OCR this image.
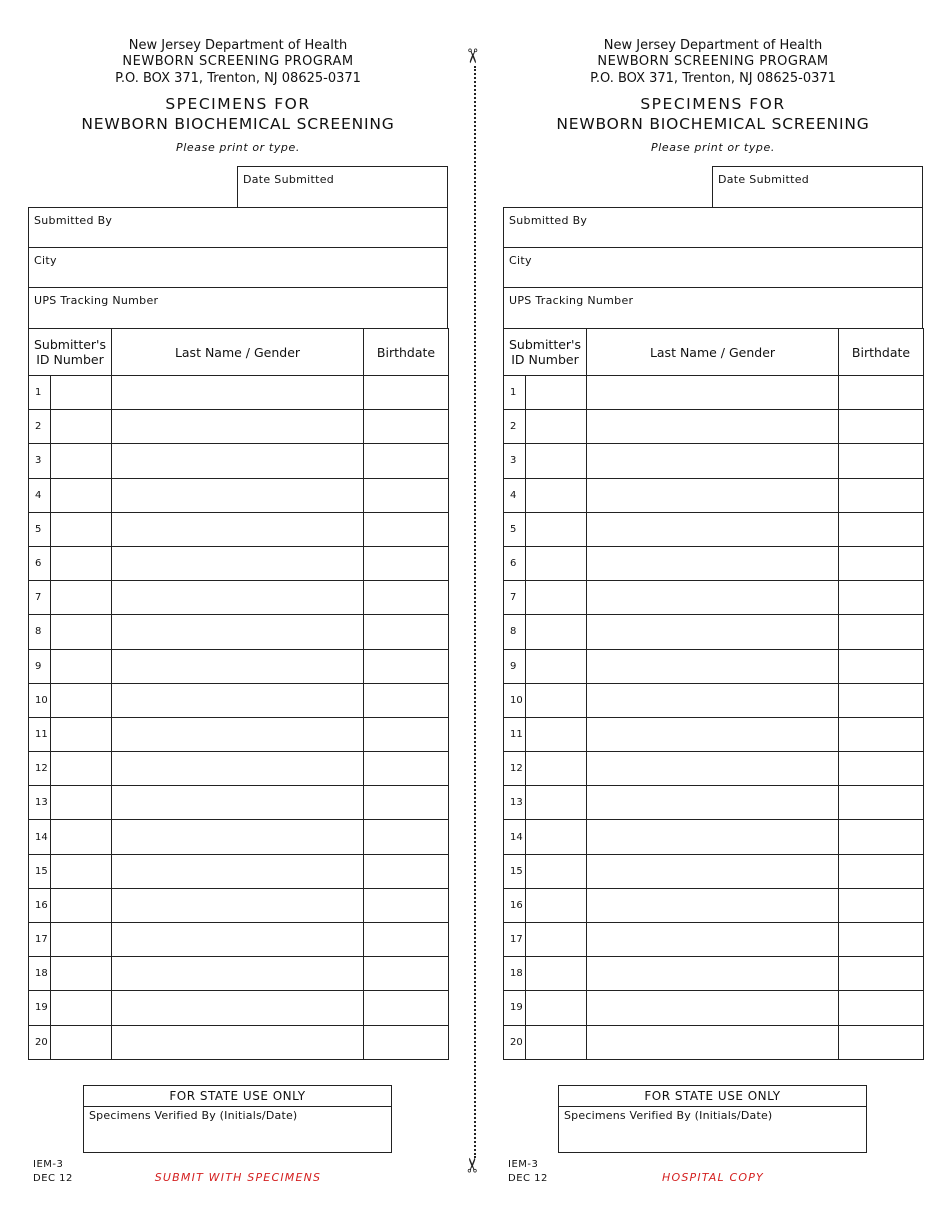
New Jersey Department of Health
NEWBORN SCREENING PROGRAM
P.O. BOX 371, Trenton, NJ 08625-0371
SPECIMENS FOR
NEWBORN BIOCHEMICAL SCREENING
Please print or type.
Date Submitted
Submitted By
City
UPS Tracking Number
Submitter's ID Number	Last Name / Gender	Birthdate

1		

2		

3		

4		

5		

6		

7		

8		

9		

10		

11		

12		

13		

14		

15		

16		

17		

18		

19		

20		

FOR STATE USE ONLY
Specimens Verified By (Initials/Date)
IEM-3
DEC 12	SUBMIT WITH SPECIMENS
✂
✂
New Jersey Department of Health
NEWBORN SCREENING PROGRAM
P.O. BOX 371, Trenton, NJ 08625-0371
SPECIMENS FOR
NEWBORN BIOCHEMICAL SCREENING
Please print or type.
Date Submitted
Submitted By
City
UPS Tracking Number
Submitter's ID Number	Last Name / Gender	Birthdate

1		

2		

3		

4		

5		

6		

7		

8		

9		

10		

11		

12		

13		

14		

15		

16		

17		

18		

19		

20		

FOR STATE USE ONLY
Specimens Verified By (Initials/Date)
IEM-3
DEC 12	HOSPITAL COPY
